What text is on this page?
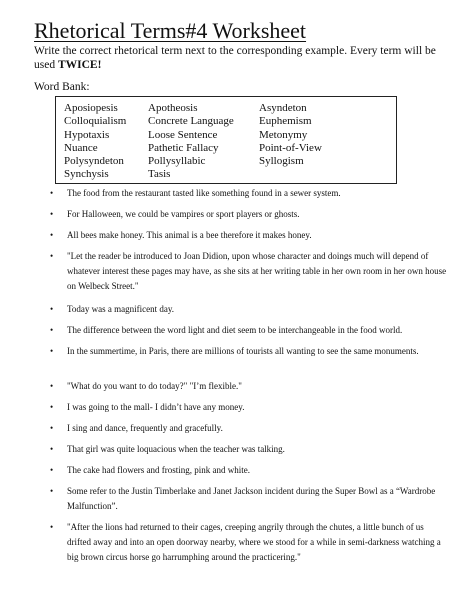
Rhetorical Terms#4 Worksheet
Write the correct rhetorical term next to the corresponding example. Every term will be used TWICE!
Word Bank:
Aposiopesis
Colloquialism
Hypotaxis
Nuance
Polysyndeton
Synchysis
Apotheosis
Concrete Language
Loose Sentence
Pathetic Fallacy
Pollysyllabic
Tasis
Asyndeton
Euphemism
Metonymy
Point-of-View
Syllogism
•	The food from the restaurant tasted like something found in a sewer system.
•	For Halloween, we could be vampires or sport players or ghosts.
•	All bees make honey. This animal is a bee therefore it makes honey.
•	"Let the reader be introduced to Joan Didion, upon whose character and doings much will depend of whatever interest these pages may have, as she sits at her writing table in her own room in her own house on Welbeck Street."
•	Today was a magnificent day.
•	The difference between the word light and diet seem to be interchangeable in the food world.
•	In the summertime, in Paris, there are millions of tourists all wanting to see the same monuments.
•	"What do you want to do today?" "I’m flexible."
•	I was going to the mall- I didn’t have any money.
•	I sing and dance, frequently and gracefully.
•	That girl was quite loquacious when the teacher was talking.
•	The cake had flowers and frosting, pink and white.
•	Some refer to the Justin Timberlake and Janet Jackson incident during the Super Bowl as a “Wardrobe Malfunction”.
•	"After the lions had returned to their cages, creeping angrily through the chutes, a little bunch of us drifted away and into an open doorway nearby, where we stood for a while in semi-darkness watching a big brown circus horse go harrumphing around the practicering."
